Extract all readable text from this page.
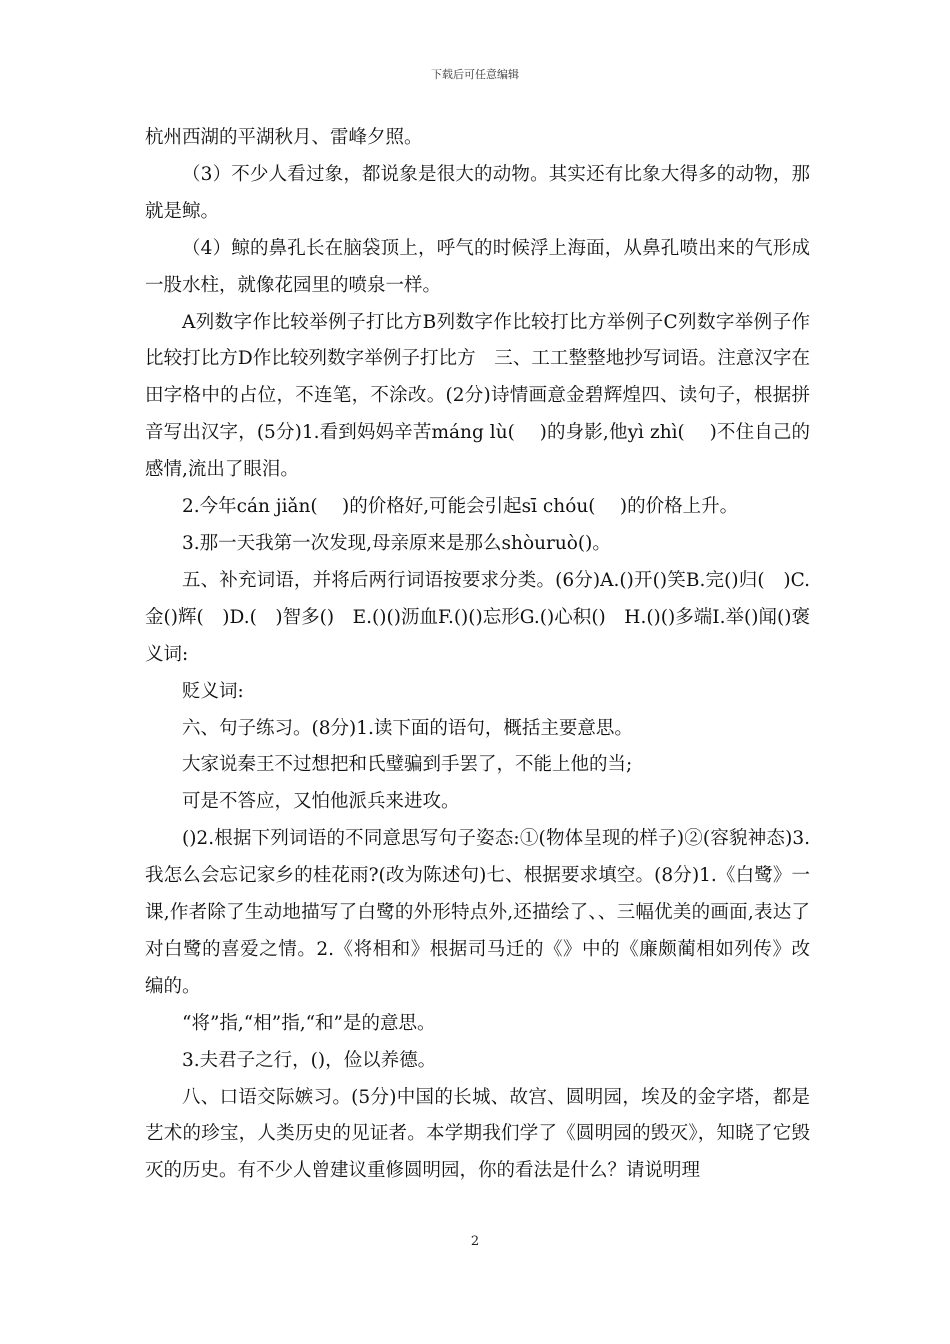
下载后可任意编辑

杭州西湖的平湖秋月、雷峰夕照。

（3）不少人看过象，都说象是很大的动物。其实还有比象大得多的动物，那就是鲸。

（4）鲸的鼻孔长在脑袋顶上，呼气的时候浮上海面，从鼻孔喷出来的气形成一股水柱，就像花园里的喷泉一样。

A列数字作比较举例子打比方B列数字作比较打比方举例子C列数字举例子作比较打比方D作比较列数字举例子打比方　三、工工整整地抄写词语。注意汉字在田字格中的占位，不连笔，不涂改。(2分)诗情画意金碧辉煌四、读句子，根据拼音写出汉字，(5分)1.看到妈妈辛苦máng lù(　 )的身影,他yì zhì(　 )不住自己的感情,流出了眼泪。

2.今年cán jiǎn(　 )的价格好,可能会引起sī chóu(　 )的价格上升。

3.那一天我第一次发现,母亲原来是那么shòuruò()。

五、补充词语，并将后两行词语按要求分类。(6分)A.()开()笑B.完()归(　)C.金()辉(　)D.(　)智多()　E.()()沥血F.()()忘形G.()心积()　H.()()多端I.举()闻()褒义词:

贬义词:

六、句子练习。(8分)1.读下面的语句，概括主要意思。

大家说秦王不过想把和氏璧骗到手罢了，不能上他的当;

可是不答应，又怕他派兵来进攻。

()2.根据下列词语的不同意思写句子姿态:①(物体呈现的样子)②(容貌神态)3.我怎么会忘记家乡的桂花雨?(改为陈述句)七、根据要求填空。(8分)1.《白鹭》一课,作者除了生动地描写了白鹭的外形特点外,还描绘了、、三幅优美的画面,表达了对白鹭的喜爱之情。2.《将相和》根据司马迁的《》中的《廉颇蔺相如列传》改编的。

“将”指,“相”指,“和”是的意思。

3.夫君子之行，()，俭以养德。

八、口语交际嫉习。(5分)中国的长城、故宫、圆明园，埃及的金字塔，都是艺术的珍宝，人类历史的见证者。本学期我们学了《圆明园的毁灭》，知晓了它毁灭的历史。有不少人曾建议重修圆明园，你的看法是什么？请说明理

2
